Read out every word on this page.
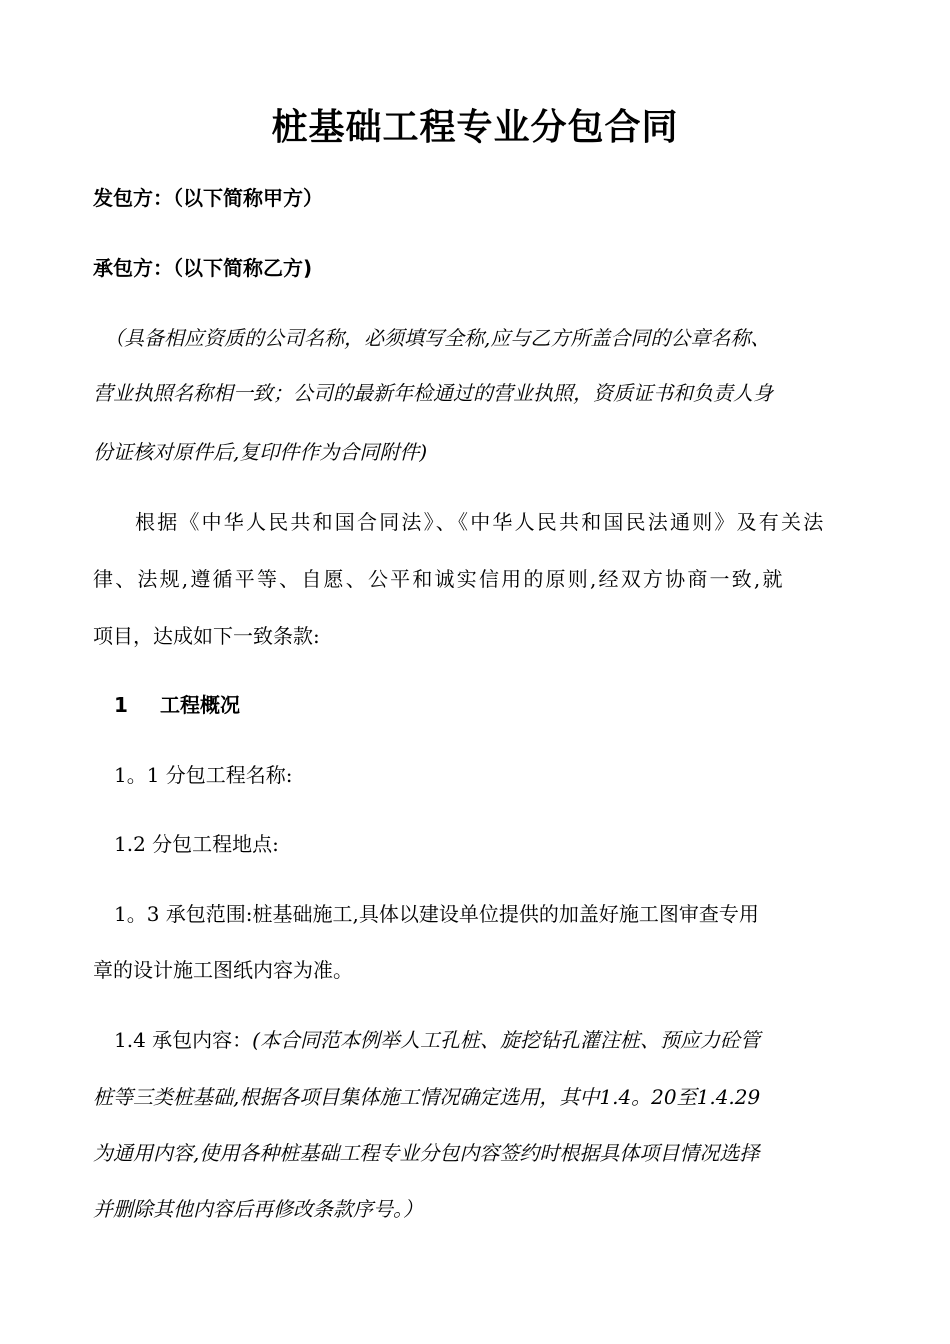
桩基础工程专业分包合同

发包方：（以下简称甲方）

承包方：（以下简称乙方)

（具备相应资质的公司名称，必须填写全称,应与乙方所盖合同的公章名称、

营业执照名称相一致；公司的最新年检通过的营业执照，资质证书和负责人身

份证核对原件后,复印件作为合同附件)

根据《中华人民共和国合同法》、《中华人民共和国民法通则》及有关法

律、法规,遵循平等、自愿、公平和诚实信用的原则,经双方协商一致,就

项目，达成如下一致条款:

1 工程概况

1。1 分包工程名称:

1.2 分包工程地点:

1。3 承包范围:桩基础施工,具体以建设单位提供的加盖好施工图审查专用

章的设计施工图纸内容为准。

1.4 承包内容：(本合同范本例举人工孔桩、旋挖钻孔灌注桩、预应力砼管

桩等三类桩基础,根据各项目集体施工情况确定选用，其中1.4。20至1.4.29

为通用内容,使用各种桩基础工程专业分包内容签约时根据具体项目情况选择

并删除其他内容后再修改条款序号。）
